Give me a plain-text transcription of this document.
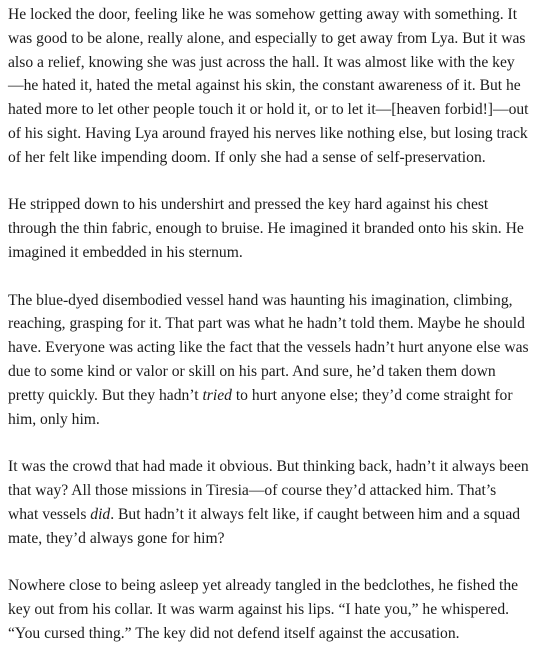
He locked the door, feeling like he was somehow getting away with something. It was good to be alone, really alone, and especially to get away from Lya. But it was also a relief, knowing she was just across the hall. It was almost like with the key—he hated it, hated the metal against his skin, the constant awareness of it. But he hated more to let other people touch it or hold it, or to let it—[heaven forbid!]—out of his sight. Having Lya around frayed his nerves like nothing else, but losing track of her felt like impending doom. If only she had a sense of self-preservation.

He stripped down to his undershirt and pressed the key hard against his chest through the thin fabric, enough to bruise. He imagined it branded onto his skin. He imagined it embedded in his sternum.

The blue-dyed disembodied vessel hand was haunting his imagination, climbing, reaching, grasping for it. That part was what he hadn’t told them. Maybe he should have. Everyone was acting like the fact that the vessels hadn’t hurt anyone else was due to some kind or valor or skill on his part. And sure, he’d taken them down pretty quickly. But they hadn’t tried to hurt anyone else; they’d come straight for him, only him.

It was the crowd that had made it obvious. But thinking back, hadn’t it always been that way? All those missions in Tiresia—of course they’d attacked him. That’s what vessels did. But hadn’t it always felt like, if caught between him and a squad mate, they’d always gone for him?

Nowhere close to being asleep yet already tangled in the bedclothes, he fished the key out from his collar. It was warm against his lips. “I hate you,” he whispered. “You cursed thing.” The key did not defend itself against the accusation.
